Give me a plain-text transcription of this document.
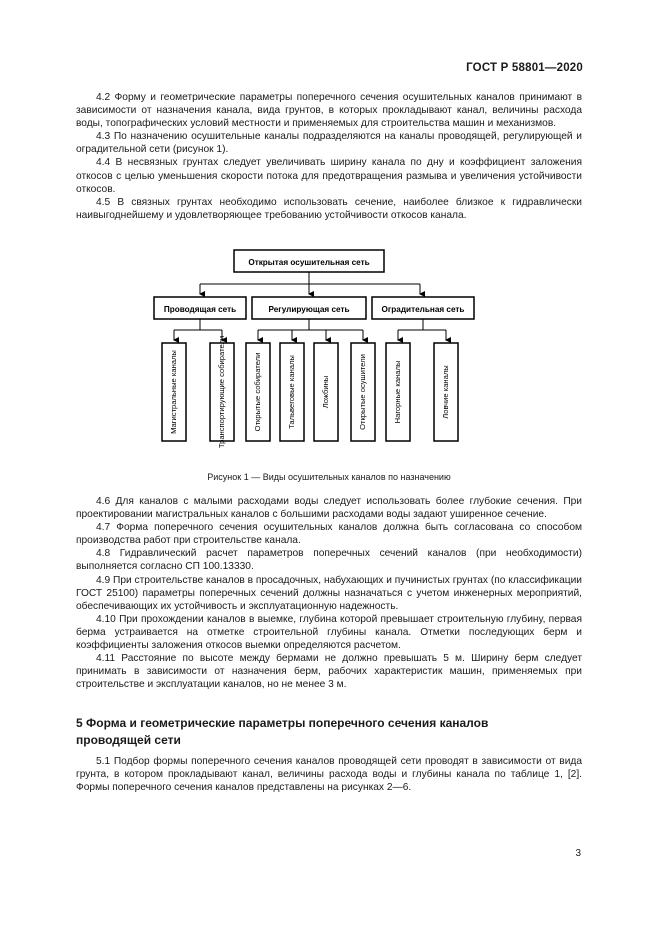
ГОСТ Р 58801—2020

4.2 Форму и геометрические параметры поперечного сечения осушительных каналов принимают в зависимости от назначения канала, вида грунтов, в которых прокладывают канал, величины расхода воды, топографических условий местности и применяемых для строительства машин и механизмов.

4.3 По назначению осушительные каналы подразделяются на каналы проводящей, регулирующей и оградительной сети (рисунок 1).

4.4 В несвязных грунтах следует увеличивать ширину канала по дну и коэффициент заложения откосов с целью уменьшения скорости потока для предотвращения размыва и увеличения устойчивости откосов.

4.5 В связных грунтах необходимо использовать сечение, наиболее близкое к гидравлически наивыгоднейшему и удовлетворяющее требованию устойчивости откосов канала.

Открытая осушительная сеть
Проводящая сеть	Регулирующая сеть	Оградительная сеть
Магистральные каналы	Транспортирующие собиратели	Открытые собиратели	Тальвеговые каналы	Ложбины	Открытые осушители	Нагорные каналы	Ловчие каналы
Рисунок 1 — Виды осушительных каналов по назначению

4.6 Для каналов с малыми расходами воды следует использовать более глубокие сечения. При проектировании магистральных каналов с большими расходами воды задают уширенное сечение.

4.7 Форма поперечного сечения осушительных каналов должна быть согласована со способом производства работ при строительстве канала.

4.8 Гидравлический расчет параметров поперечных сечений каналов (при необходимости) выполняется согласно СП 100.13330.

4.9 При строительстве каналов в просадочных, набухающих и пучинистых грунтах (по классификации ГОСТ 25100) параметры поперечных сечений должны назначаться с учетом инженерных мероприятий, обеспечивающих их устойчивость и эксплуатационную надежность.

4.10 При прохождении каналов в выемке, глубина которой превышает строительную глубину, первая берма устраивается на отметке строительной глубины канала. Отметки последующих берм и коэффициенты заложения откосов выемки определяются расчетом.

4.11 Расстояние по высоте между бермами не должно превышать 5 м. Ширину берм следует принимать в зависимости от назначения берм, рабочих характеристик машин, применяемых при строительстве и эксплуатации каналов, но не менее 3 м.

5 Форма и геометрические параметры поперечного сечения каналов

проводящей сети

5.1 Подбор формы поперечного сечения каналов проводящей сети проводят в зависимости от вида грунта, в котором прокладывают канал, величины расхода воды и глубины канала по таблице 1, [2]. Формы поперечного сечения каналов представлены на рисунках 2—6.

3
